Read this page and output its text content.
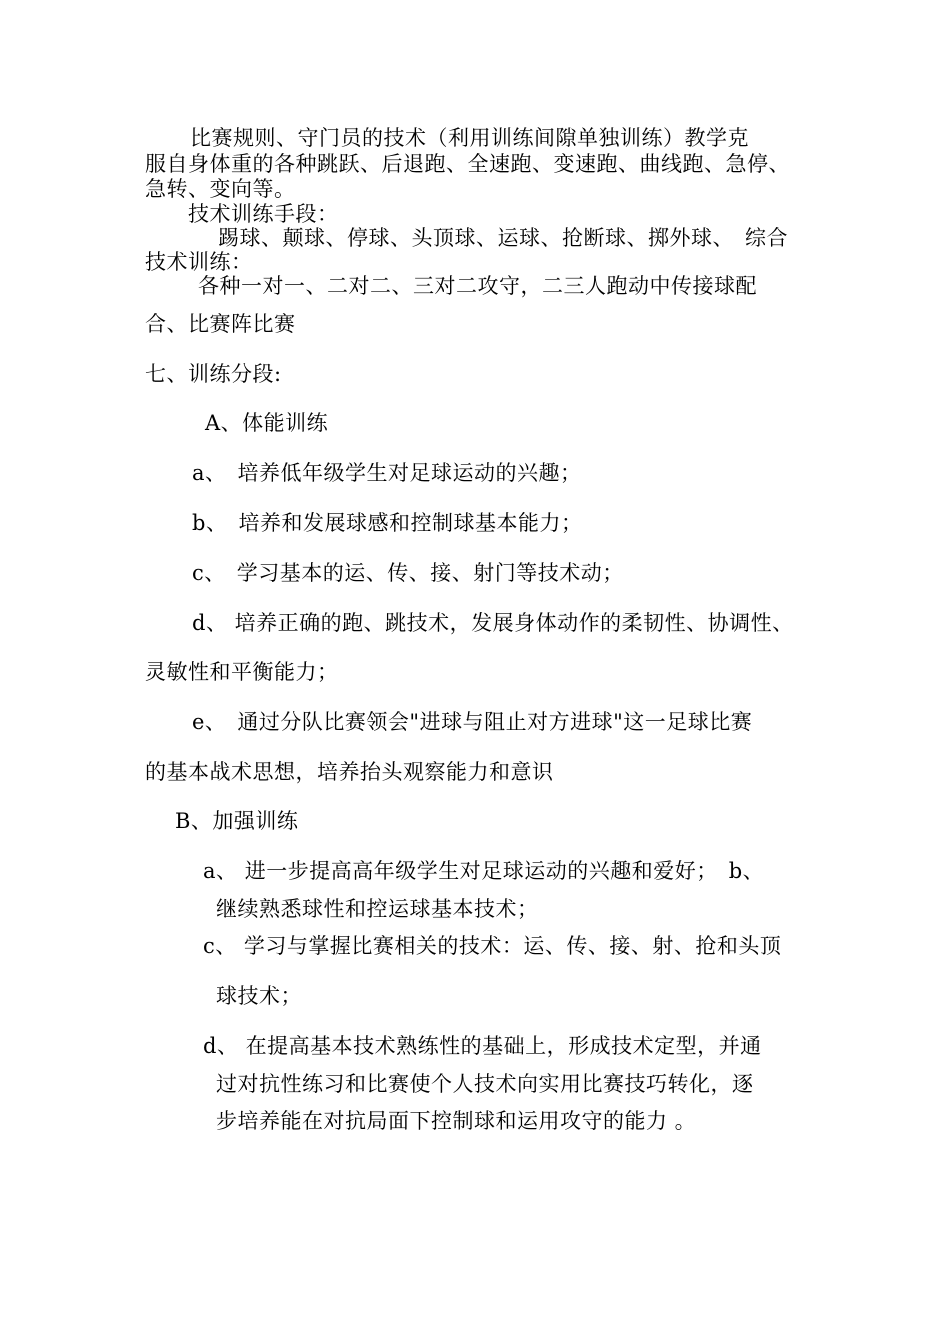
比赛规则、守门员的技术（利用训练间隙单独训练）教学克
服自身体重的各种跳跃、后退跑、全速跑、变速跑、曲线跑、急停、
急转、变向等。
技术训练手段：
踢球、颠球、停球、头顶球、运球、抢断球、掷外球、　综合
技术训练：
各种一对一、二对二、三对二攻守，二三人跑动中传接球配
合、比赛阵比赛
七、训练分段:
A、体能训练
a、　培养低年级学生对足球运动的兴趣；
b、　培养和发展球感和控制球基本能力；
c、　学习基本的运、传、接、射门等技术动；
d、 培养正确的跑、跳技术，发展身体动作的柔韧性、协调性、
灵敏性和平衡能力；
e、　通过分队比赛领会"进球与阻止对方进球"这一足球比赛
的基本战术思想，培养抬头观察能力和意识
B、加强训练
a、 进一步提高高年级学生对足球运动的兴趣和爱好；　b、
继续熟悉球性和控运球基本技术；
c、 学习与掌握比赛相关的技术：运、传、接、射、抢和头顶
球技术；
d、 在提高基本技术熟练性的基础上，形成技术定型，并通
过对抗性练习和比赛使个人技术向实用比赛技巧转化，逐
步培养能在对抗局面下控制球和运用攻守的能力 。
